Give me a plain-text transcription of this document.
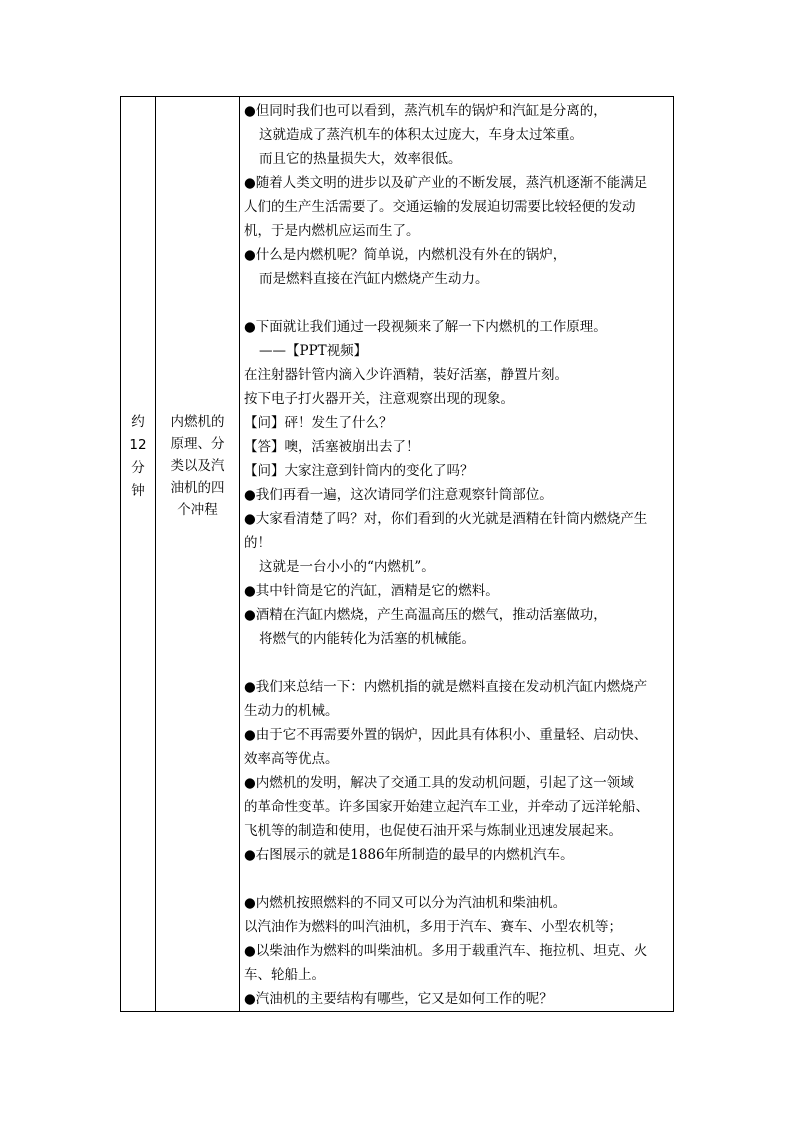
约
12
分
钟
内燃机的
原理、分
类以及汽
油机的四
个冲程
●但同时我们也可以看到，蒸汽机车的锅炉和汽缸是分离的，
这就造成了蒸汽机车的体积太过庞大，车身太过笨重。
而且它的热量损失大，效率很低。
●随着人类文明的进步以及矿产业的不断发展，蒸汽机逐渐不能满足
人们的生产生活需要了。交通运输的发展迫切需要比较轻便的发动
机，于是内燃机应运而生了。
●什么是内燃机呢？简单说，内燃机没有外在的锅炉，
而是燃料直接在汽缸内燃烧产生动力。
●下面就让我们通过一段视频来了解一下内燃机的工作原理。
——【PPT视频】
在注射器针管内滴入少许酒精，装好活塞，静置片刻。
按下电子打火器开关，注意观察出现的现象。
【问】砰！发生了什么？
【答】噢，活塞被崩出去了！
【问】大家注意到针筒内的变化了吗？
●我们再看一遍，这次请同学们注意观察针筒部位。
●大家看清楚了吗？对，你们看到的火光就是酒精在针筒内燃烧产生
的！
这就是一台小小的“内燃机”。
●其中针筒是它的汽缸，酒精是它的燃料。
●酒精在汽缸内燃烧，产生高温高压的燃气，推动活塞做功，
将燃气的内能转化为活塞的机械能。
●我们来总结一下：内燃机指的就是燃料直接在发动机汽缸内燃烧产
生动力的机械。
●由于它不再需要外置的锅炉，因此具有体积小、重量轻、启动快、
效率高等优点。
●内燃机的发明，解决了交通工具的发动机问题，引起了这一领域
的革命性变革。许多国家开始建立起汽车工业，并牵动了远洋轮船、
飞机等的制造和使用，也促使石油开采与炼制业迅速发展起来。
●右图展示的就是1886年所制造的最早的内燃机汽车。
●内燃机按照燃料的不同又可以分为汽油机和柴油机。
以汽油作为燃料的叫汽油机，多用于汽车、赛车、小型农机等；
●以柴油作为燃料的叫柴油机。多用于载重汽车、拖拉机、坦克、火
车、轮船上。
●汽油机的主要结构有哪些，它又是如何工作的呢？
